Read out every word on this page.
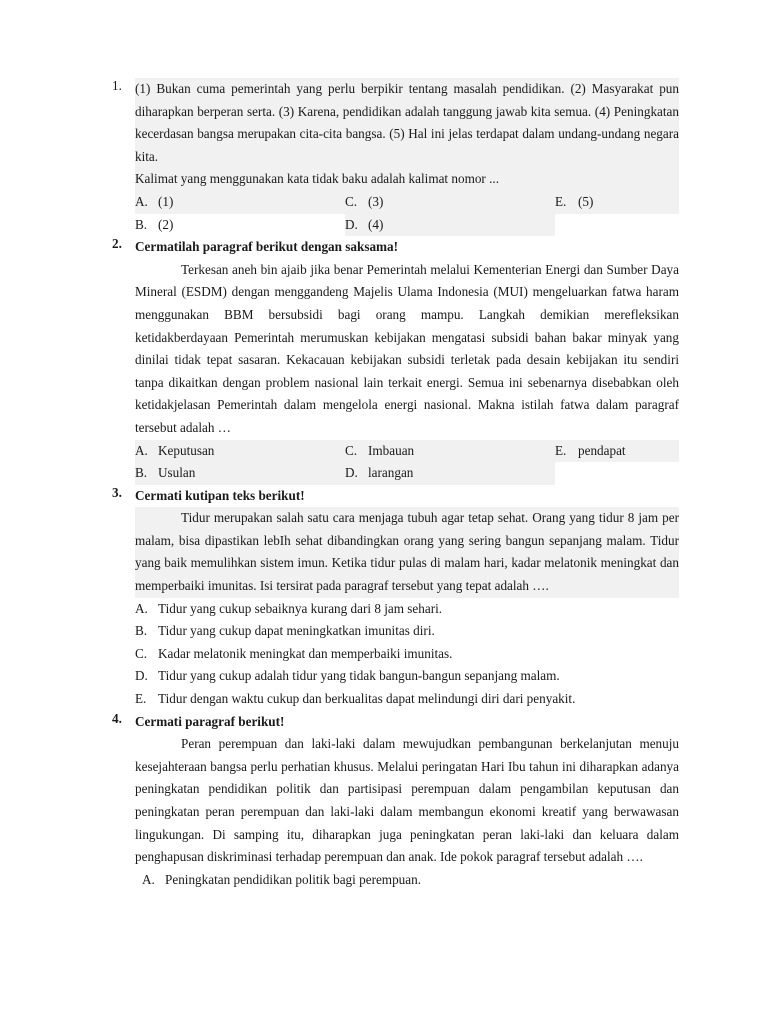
1. (1) Bukan cuma pemerintah yang perlu berpikir tentang masalah pendidikan. (2) Masyarakat pun diharapkan berperan serta. (3) Karena, pendidikan adalah tanggung jawab kita semua. (4) Peningkatan kecerdasan bangsa merupakan cita-cita bangsa. (5) Hal ini jelas terdapat dalam undang-undang negara kita.
Kalimat yang menggunakan kata tidak baku adalah kalimat nomor ...
A. (1)	C. (3)	E. (5)
B. (2)	D. (4)
2. Cermatilah paragraf berikut dengan saksama!
Terkesan aneh bin ajaib jika benar Pemerintah melalui Kementerian Energi dan Sumber Daya Mineral (ESDM) dengan menggandeng Majelis Ulama Indonesia (MUI) mengeluarkan fatwa haram menggunakan BBM bersubsidi bagi orang mampu. Langkah demikian merefleksikan ketidakberdayaan Pemerintah merumuskan kebijakan mengatasi subsidi bahan bakar minyak yang dinilai tidak tepat sasaran. Kekacauan kebijakan subsidi terletak pada desain kebijakan itu sendiri tanpa dikaitkan dengan problem nasional lain terkait energi. Semua ini sebenarnya disebabkan oleh ketidakjelasan Pemerintah dalam mengelola energi nasional. Makna istilah fatwa dalam paragraf tersebut adalah …
A. Keputusan	C. Imbauan	E. pendapat
B. Usulan	D. larangan
3. Cermati kutipan teks berikut!
Tidur merupakan salah satu cara menjaga tubuh agar tetap sehat. Orang yang tidur 8 jam per malam, bisa dipastikan lebIh sehat dibandingkan orang yang sering bangun sepanjang malam. Tidur yang baik memulihkan sistem imun. Ketika tidur pulas di malam hari, kadar melatonik meningkat dan memperbaiki imunitas. Isi tersirat pada paragraf tersebut yang tepat adalah ….
A. Tidur yang cukup sebaiknya kurang dari 8 jam sehari.
B. Tidur yang cukup dapat meningkatkan imunitas diri.
C. Kadar melatonik meningkat dan memperbaiki imunitas.
D. Tidur yang cukup adalah tidur yang tidak bangun-bangun sepanjang malam.
E. Tidur dengan waktu cukup dan berkualitas dapat melindungi diri dari penyakit.
4. Cermati paragraf berikut!
Peran perempuan dan laki-laki dalam mewujudkan pembangunan berkelanjutan menuju kesejahteraan bangsa perlu perhatian khusus. Melalui peringatan Hari Ibu tahun ini diharapkan adanya peningkatan pendidikan politik dan partisipasi perempuan dalam pengambilan keputusan dan peningkatan peran perempuan dan laki-laki dalam membangun ekonomi kreatif yang berwawasan lingukungan. Di samping itu, diharapkan juga peningkatan peran laki-laki dan keluara dalam penghapusan diskriminasi terhadap perempuan dan anak. Ide pokok paragraf tersebut adalah ….
A. Peningkatan pendidikan politik bagi perempuan.
